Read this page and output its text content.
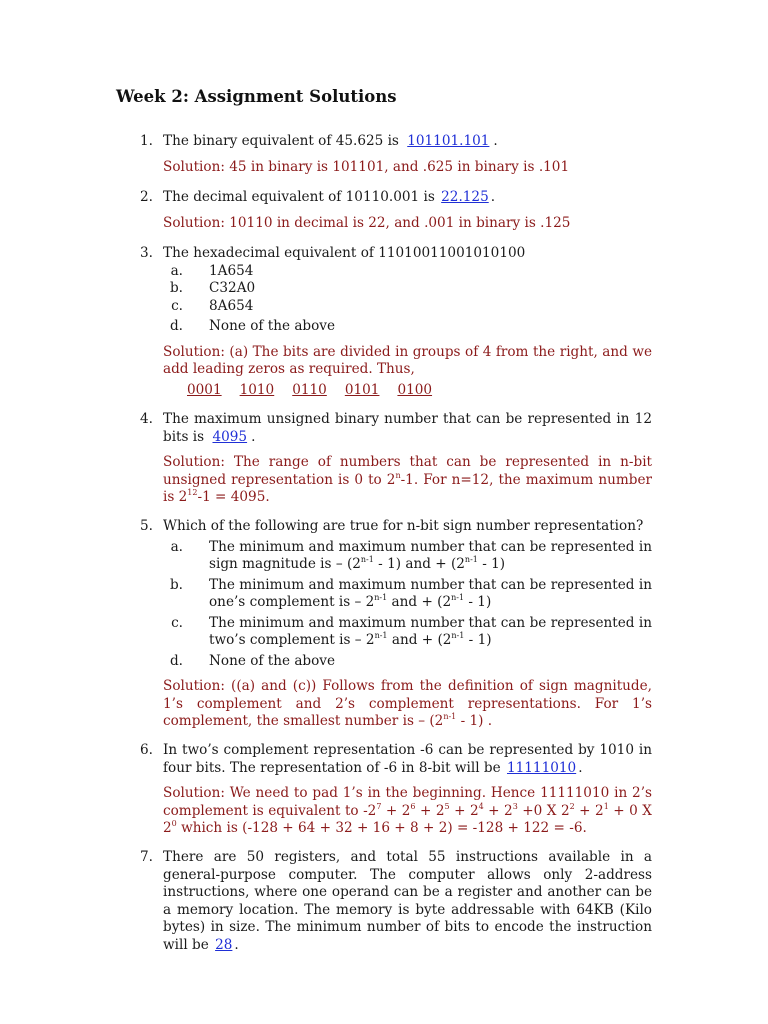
Week 2: Assignment Solutions
1. The binary equivalent of 45.625 is 101101.101 .
Solution: 45 in binary is 101101, and .625 in binary is .101
2. The decimal equivalent of 10110.001 is 22.125 .
Solution: 10110 in decimal is 22, and .001 in binary is .125
3. The hexadecimal equivalent of 11010011001010100
a. 1A654
b. C32A0
c. 8A654
d. None of the above
Solution: (a) The bits are divided in groups of 4 from the right, and we add leading zeros as required. Thus,
0001 1010 0110 0101 0100
4. The maximum unsigned binary number that can be represented in 12 bits is 4095 .
Solution: The range of numbers that can be represented in n-bit unsigned representation is 0 to 2$^n$-1. For n=12, the maximum number is $2^{12}-1 = 4095$.
5. Which of the following are true for n-bit sign number representation?
a. The minimum and maximum number that can be represented in sign magnitude is – (2$^{n-1}$ - 1) and + $(2^{n-1} - 1)$
b. The minimum and maximum number that can be represented in one’s complement is – 2$^{n-1}$ and + $(2^{n-1} - 1)$
c. The minimum and maximum number that can be represented in two’s complement is – 2$^{n-1}$ and + $(2^{n-1} - 1)$
d. None of the above
Solution: ((a) and (c)) Follows from the definition of sign magnitude, 1’s complement and 2’s complement representations. For 1’s complement, the smallest number is – (2$^{n-1}$ - 1) .
6. In two’s complement representation -6 can be represented by 1010 in four bits. The representation of -6 in 8-bit will be 11111010 .
Solution: We need to pad 1’s in the beginning. Hence 11111010 in 2’s complement is equivalent to $-2^7 + 2^6 + 2^5 + 2^4 + 2^3 +0$ X $2^2 + 2^1 + 0$ X $2^0$ which is (-128 + 64 + 32 + 16 + 8 + 2) = -128 + 122 = -6.
7. There are 50 registers, and total 55 instructions available in a general-purpose computer. The computer allows only 2-address instructions, where one operand can be a register and another can be a memory location. The memory is byte addressable with 64KB (Kilo bytes) in size. The minimum number of bits to encode the instruction will be 28 .
